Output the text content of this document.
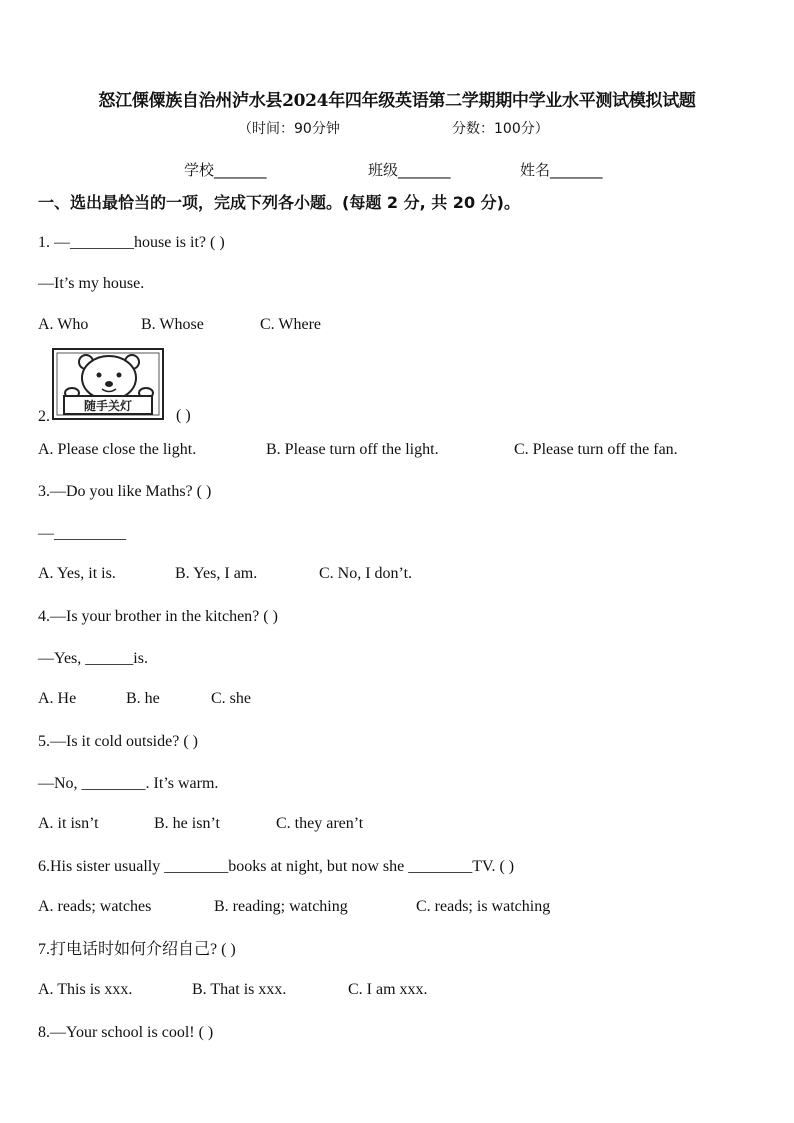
怒江傈僳族自治州泸水县2024年四年级英语第二学期期中学业水平测试模拟试题
（时间：90分钟	分数：100分）
学校_______	班级_______	姓名_______
一、选出最恰当的一项，完成下列各小题。(每题 2 分, 共 20 分)。
1. —________house is it? ( )
—It’s my house.
A. Who	B. Whose	C. Where
2.
随手关灯
( )
A. Please close the light.	B. Please turn off the light.	C. Please turn off the fan.
3.—Do you like Maths? ( )
—_________
A. Yes, it is.	B. Yes, I am.	C. No, I don’t.
4.—Is your brother in the kitchen? ( )
—Yes, ______is.
A. He	B. he	C. she
5.—Is it cold outside? ( )
—No, ________. It’s warm.
A. it isn’t	B. he isn’t	C. they aren’t
6.His sister usually ________books at night, but now she ________TV. ( )
A. reads; watches	B. reading; watching	C. reads; is watching
7.打电话时如何介绍自己? ( )
A. This is xxx.	B. That is xxx.	C. I am xxx.
8.—Your school is cool! ( )
